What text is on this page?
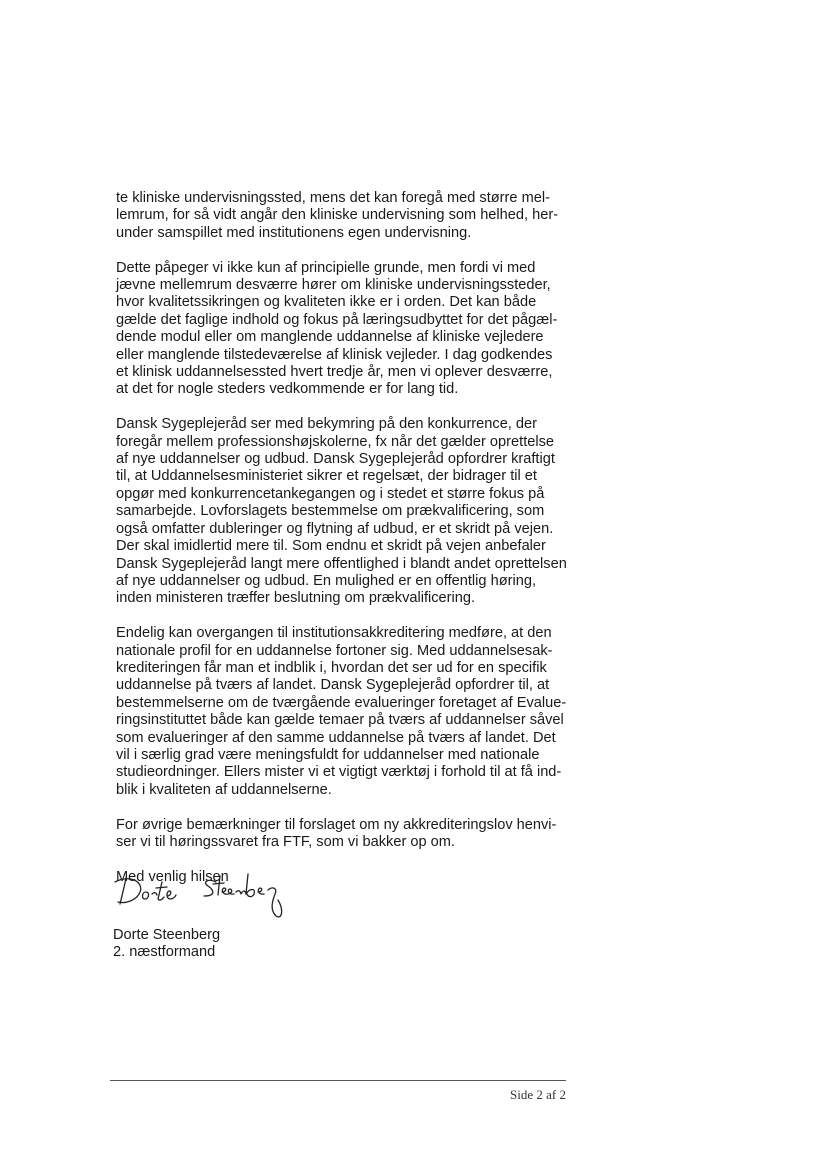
te kliniske undervisningssted, mens det kan foregå med større mel-
lemrum, for så vidt angår den kliniske undervisning som helhed, her-
under samspillet med institutionens egen undervisning.

Dette påpeger vi ikke kun af principielle grunde, men fordi vi med
jævne mellemrum desværre hører om kliniske undervisningssteder,
hvor kvalitetssikringen og kvaliteten ikke er i orden. Det kan både
gælde det faglige indhold og fokus på læringsudbyttet for det pågæl-
dende modul eller om manglende uddannelse af kliniske vejledere
eller manglende tilstedeværelse af klinisk vejleder. I dag godkendes
et klinisk uddannelsessted hvert tredje år, men vi oplever desværre,
at det for nogle steders vedkommende er for lang tid.

Dansk Sygeplejeråd ser med bekymring på den konkurrence, der
foregår mellem professionshøjskolerne, fx når det gælder oprettelse
af nye uddannelser og udbud. Dansk Sygeplejeråd opfordrer kraftigt
til, at Uddannelsesministeriet sikrer et regelsæt, der bidrager til et
opgør med konkurrencetankegangen og i stedet et større fokus på
samarbejde. Lovforslagets bestemmelse om prækvalificering, som
også omfatter dubleringer og flytning af udbud, er et skridt på vejen.
Der skal imidlertid mere til. Som endnu et skridt på vejen anbefaler
Dansk Sygeplejeråd langt mere offentlighed i blandt andet oprettelsen
af nye uddannelser og udbud. En mulighed er en offentlig høring,
inden ministeren træffer beslutning om prækvalificering.

Endelig kan overgangen til institutionsakkreditering medføre, at den
nationale profil for en uddannelse fortoner sig. Med uddannelsesak-
krediteringen får man et indblik i, hvordan det ser ud for en specifik
uddannelse på tværs af landet. Dansk Sygeplejeråd opfordrer til, at
bestemmelserne om de tværgående evalueringer foretaget af Evalue-
ringsinstituttet både kan gælde temaer på tværs af uddannelser såvel
som evalueringer af den samme uddannelse på tværs af landet. Det
vil i særlig grad være meningsfuldt for uddannelser med nationale
studieordninger. Ellers mister vi et vigtigt værktøj i forhold til at få ind-
blik i kvaliteten af uddannelserne.

For øvrige bemærkninger til forslaget om ny akkrediteringslov henvi-
ser vi til høringssvaret fra FTF, som vi bakker op om.

Med venlig hilsen

Dorte Steenberg
2. næstformand
Side 2 af 2
